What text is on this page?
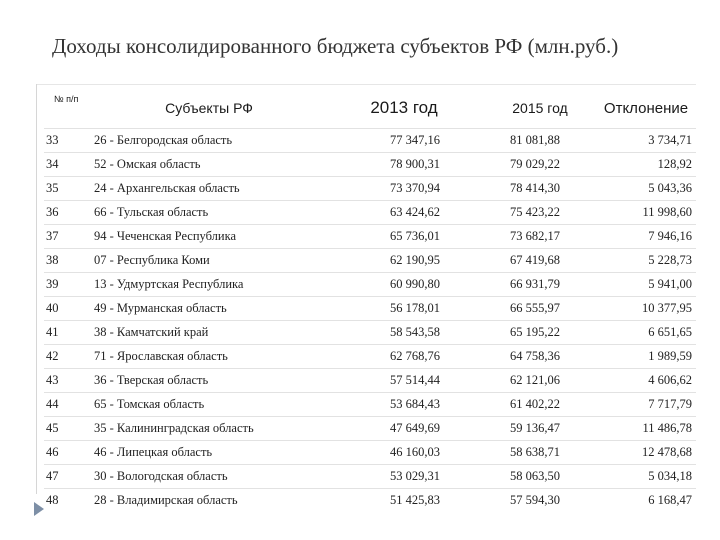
Доходы консолидированного бюджета субъектов РФ (млн.руб.)
№ п/п	Субъекты РФ	2013 год	2015 год	Отклонение
33	26 - Белгородская область	77 347,16	81 081,88	3 734,71
34	52 - Омская область	78 900,31	79 029,22	128,92
35	24 - Архангельская область	73 370,94	78 414,30	5 043,36
36	66 - Тульская область	63 424,62	75 423,22	11 998,60
37	94 - Чеченская Республика	65 736,01	73 682,17	7 946,16
38	07 - Республика Коми	62 190,95	67 419,68	5 228,73
39	13 - Удмуртская Республика	60 990,80	66 931,79	5 941,00
40	49 - Мурманская область	56 178,01	66 555,97	10 377,95
41	38 - Камчатский край	58 543,58	65 195,22	6 651,65
42	71 - Ярославская область	62 768,76	64 758,36	1 989,59
43	36 - Тверская область	57 514,44	62 121,06	4 606,62
44	65 - Томская область	53 684,43	61 402,22	7 717,79
45	35 - Калининградская область	47 649,69	59 136,47	11 486,78
46	46 - Липецкая область	46 160,03	58 638,71	12 478,68
47	30 - Вологодская область	53 029,31	58 063,50	5 034,18
48	28 - Владимирская область	51 425,83	57 594,30	6 168,47
